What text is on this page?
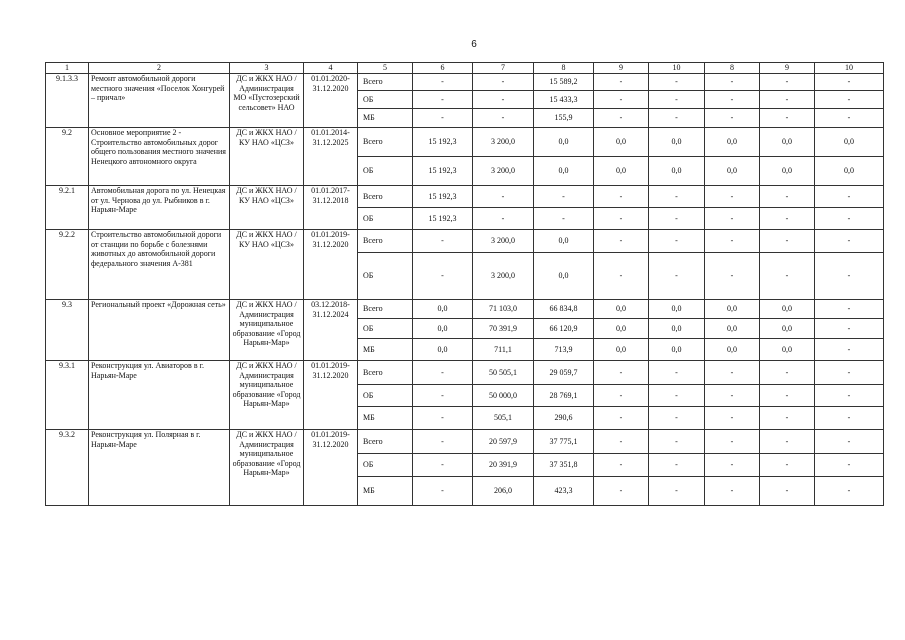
6
1	2	3	4	5	6	7	8	9	10	8	9	10
9.1.3.3	Ремонт автомобильной дороги местного значения «Поселок Хонгурей – причал»	ДС и ЖКХ НАО / Администрация МО «Пустозерский сельсовет» НАО	01.01.2020-31.12.2020	Всего	-	-	15 589,2	-	-	-	-	-
				ОБ	-	-	15 433,3	-	-	-	-	-
				МБ	-	-	155,9	-	-	-	-	-
9.2	Основное мероприятие 2 - Строительство автомобильных дорог общего пользования местного значения Ненецкого автономного округа	ДС и ЖКХ НАО / КУ НАО «ЦСЗ»	01.01.2014-31.12.2025	Всего	15 192,3	3 200,0	0,0	0,0	0,0	0,0	0,0	0,0
				ОБ	15 192,3	3 200,0	0,0	0,0	0,0	0,0	0,0	0,0
9.2.1	Автомобильная дорога по ул. Ненецкая от ул. Чернова до ул. Рыбников в г. Нарьян-Маре	ДС и ЖКХ НАО / КУ НАО «ЦСЗ»	01.01.2017-31.12.2018	Всего	15 192,3	-	-	-	-	-	-	-
				ОБ	15 192,3	-	-	-	-	-	-	-
9.2.2	Строительство автомобильной дороги от станции по борьбе с болезнями животных до автомобильной дороги федерального значения А-381	ДС и ЖКХ НАО / КУ НАО «ЦСЗ»	01.01.2019-31.12.2020	Всего	-	3 200,0	0,0	-	-	-	-	-
				ОБ	-	3 200,0	0,0	-	-	-	-	-
9.3	Региональный проект «Дорожная сеть»	ДС и ЖКХ НАО / Администрация муниципальное образование «Город Нарьян-Мар»	03.12.2018-31.12.2024	Всего	0,0	71 103,0	66 834,8	0,0	0,0	0,0	0,0	-
				ОБ	0,0	70 391,9	66 120,9	0,0	0,0	0,0	0,0	-
				МБ	0,0	711,1	713,9	0,0	0,0	0,0	0,0	-
9.3.1	Реконструкция ул. Авиаторов в г. Нарьян-Маре	ДС и ЖКХ НАО / Администрация муниципальное образование «Город Нарьян-Мар»	01.01.2019-31.12.2020	Всего	-	50 505,1	29 059,7	-	-	-	-	-
				ОБ	-	50 000,0	28 769,1	-	-	-	-	-
				МБ	-	505,1	290,6	-	-	-	-	-
9.3.2	Реконструкция ул. Полярная в г. Нарьян-Маре	ДС и ЖКХ НАО / Администрация муниципальное образование «Город Нарьян-Мар»	01.01.2019-31.12.2020	Всего	-	20 597,9	37 775,1	-	-	-	-	-
				ОБ	-	20 391,9	37 351,8	-	-	-	-	-
				МБ	-	206,0	423,3	-	-	-	-	-
